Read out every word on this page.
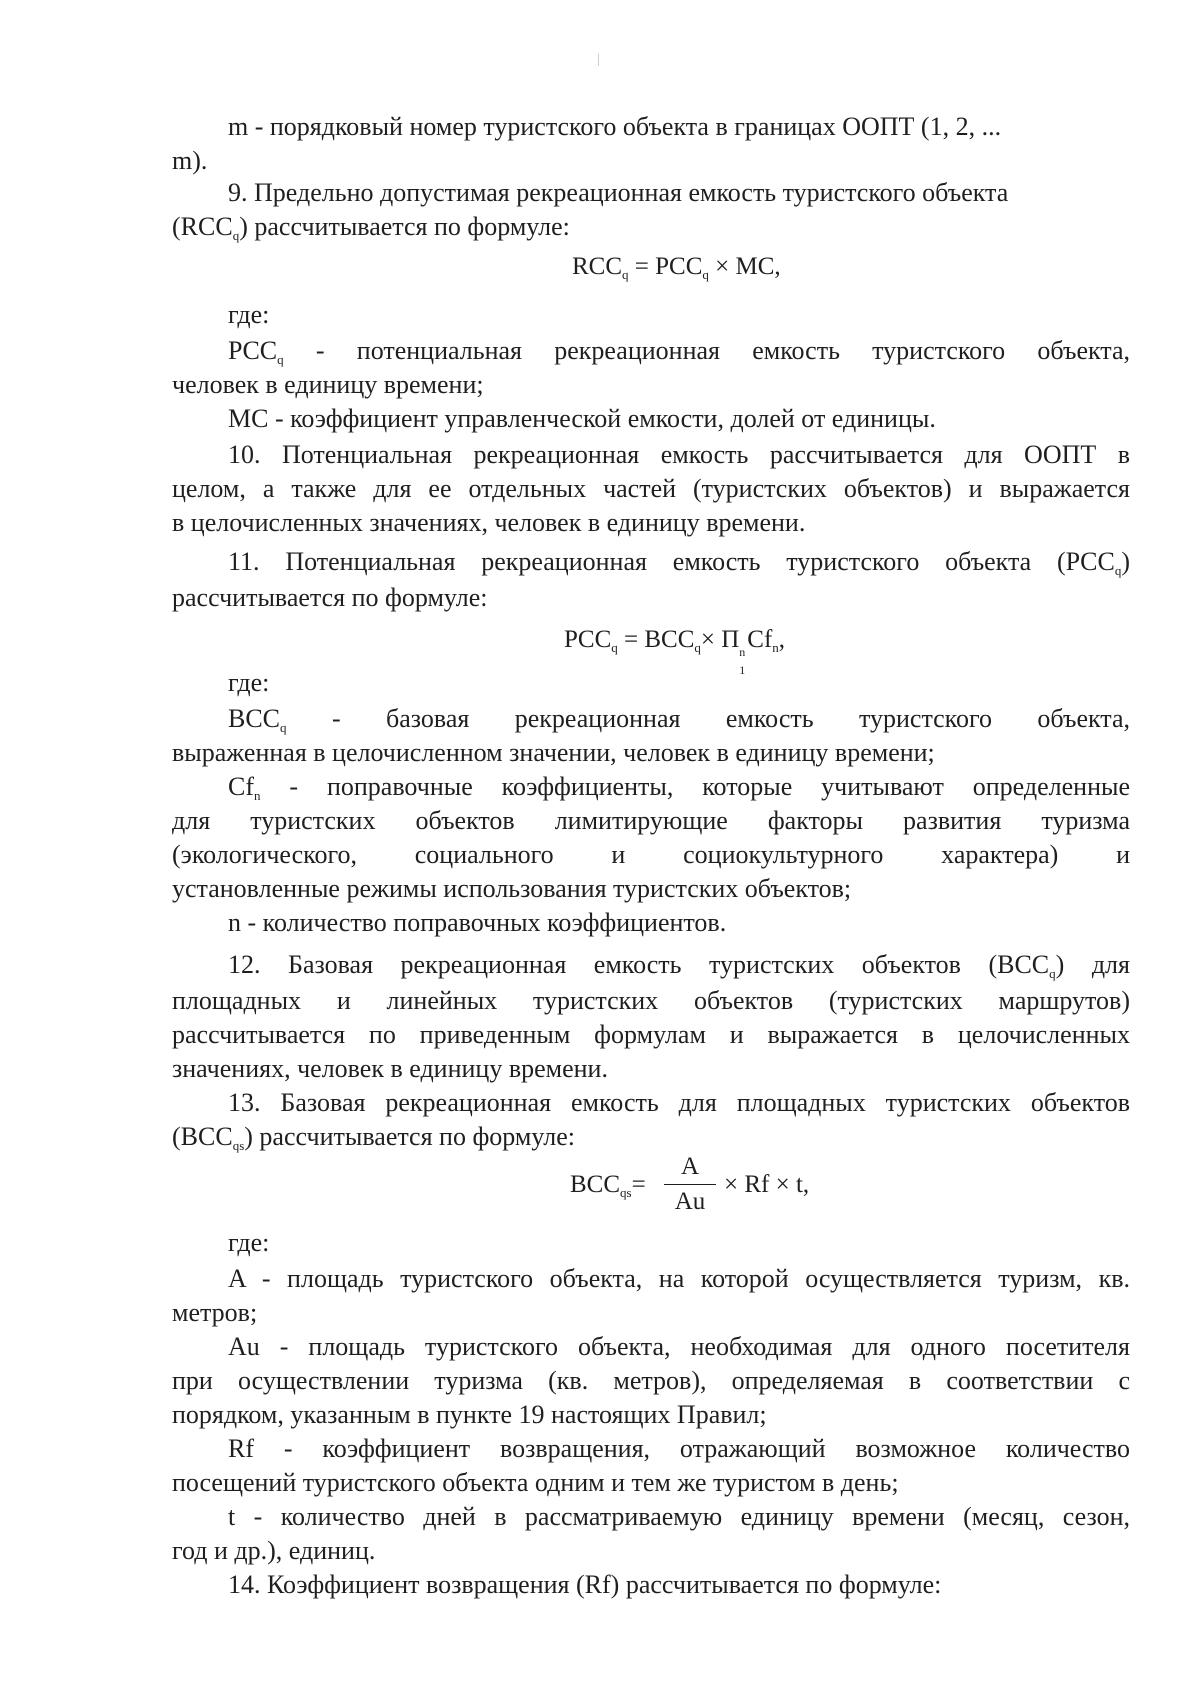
|
m - порядковый номер туристского объекта в границах ООПТ (1, 2, ...
m).
9. Предельно допустимая рекреационная емкость туристского объекта
$(RCC_q)$ рассчитывается по формуле:
$RCC_q = PCC_q$ × MC,
где:
$PCC_q$ - потенциальная рекреационная емкость туристского объекта,
человек в единицу времени;
MC - коэффициент управленческой емкости, долей от единицы.
10. Потенциальная рекреационная емкость рассчитывается для ООПТ в
целом, а также для ее отдельных частей (туристских объектов) и выражается
в целочисленных значениях, человек в единицу времени.
11. Потенциальная рекреационная емкость туристского объекта $(PCC_q)$
рассчитывается по формуле:
$PCC_q = BCC_q\times П$ n
1
$Cf_n$,
где:
$BCC_q$ - базовая рекреационная емкость туристского объекта,
выраженная в целочисленном значении, человек в единицу времени;
$Cf_n$ - поправочные коэффициенты, которые учитывают определенные
для туристских объектов лимитирующие факторы развития туризма
(экологического, социального и социокультурного характера) и
установленные режимы использования туристских объектов;
n - количество поправочных коэффициентов.
12. Базовая рекреационная емкость туристских объектов $(BCC_q)$ для
площадных и линейных туристских объектов (туристских маршрутов)
рассчитывается по приведенным формулам и выражается в целочисленных
значениях, человек в единицу времени.
13. Базовая рекреационная емкость для площадных туристских объектов
$(BCC_{qs})$ рассчитывается по формуле:
$BCC_{qs}=$
A
Au
× Rf × t,
где:
A - площадь туристского объекта, на которой осуществляется туризм, кв.
метров;
Au - площадь туристского объекта, необходимая для одного посетителя
при осуществлении туризма (кв. метров), определяемая в соответствии с
порядком, указанным в пункте 19 настоящих Правил;
Rf - коэффициент возвращения, отражающий возможное количество
посещений туристского объекта одним и тем же туристом в день;
t - количество дней в рассматриваемую единицу времени (месяц, сезон,
год и др.), единиц.
14. Коэффициент возвращения (Rf) рассчитывается по формуле:
